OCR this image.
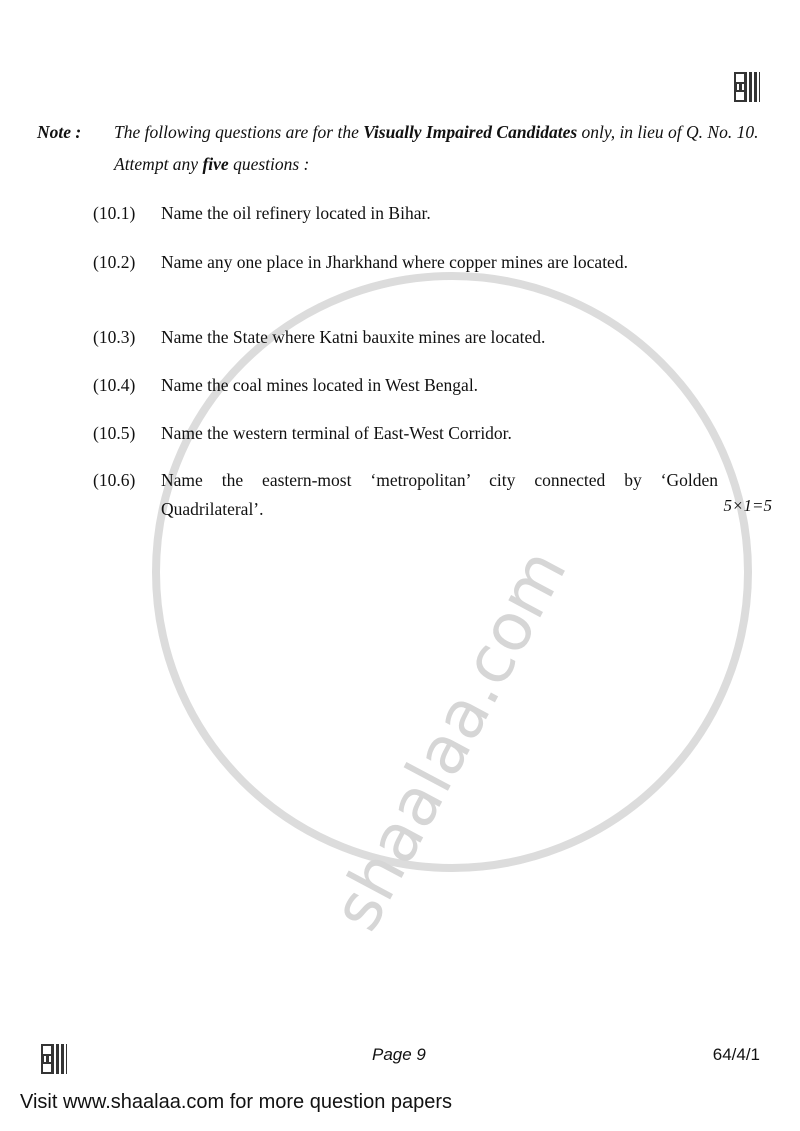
shaalaa.com
Note : The following questions are for the Visually Impaired Candidates only, in lieu of Q. No. 10. Attempt any five questions :
(10.1) Name the oil refinery located in Bihar.
(10.2) Name any one place in Jharkhand where copper mines are located.
(10.3) Name the State where Katni bauxite mines are located.
(10.4) Name the coal mines located in West Bengal.
(10.5) Name the western terminal of East-West Corridor.
(10.6) Name the eastern-most ‘metropolitan’ city connected by ‘Golden Quadrilateral’.	5×1=5
Page 9	64/4/1
Visit www.shaalaa.com for more question papers
